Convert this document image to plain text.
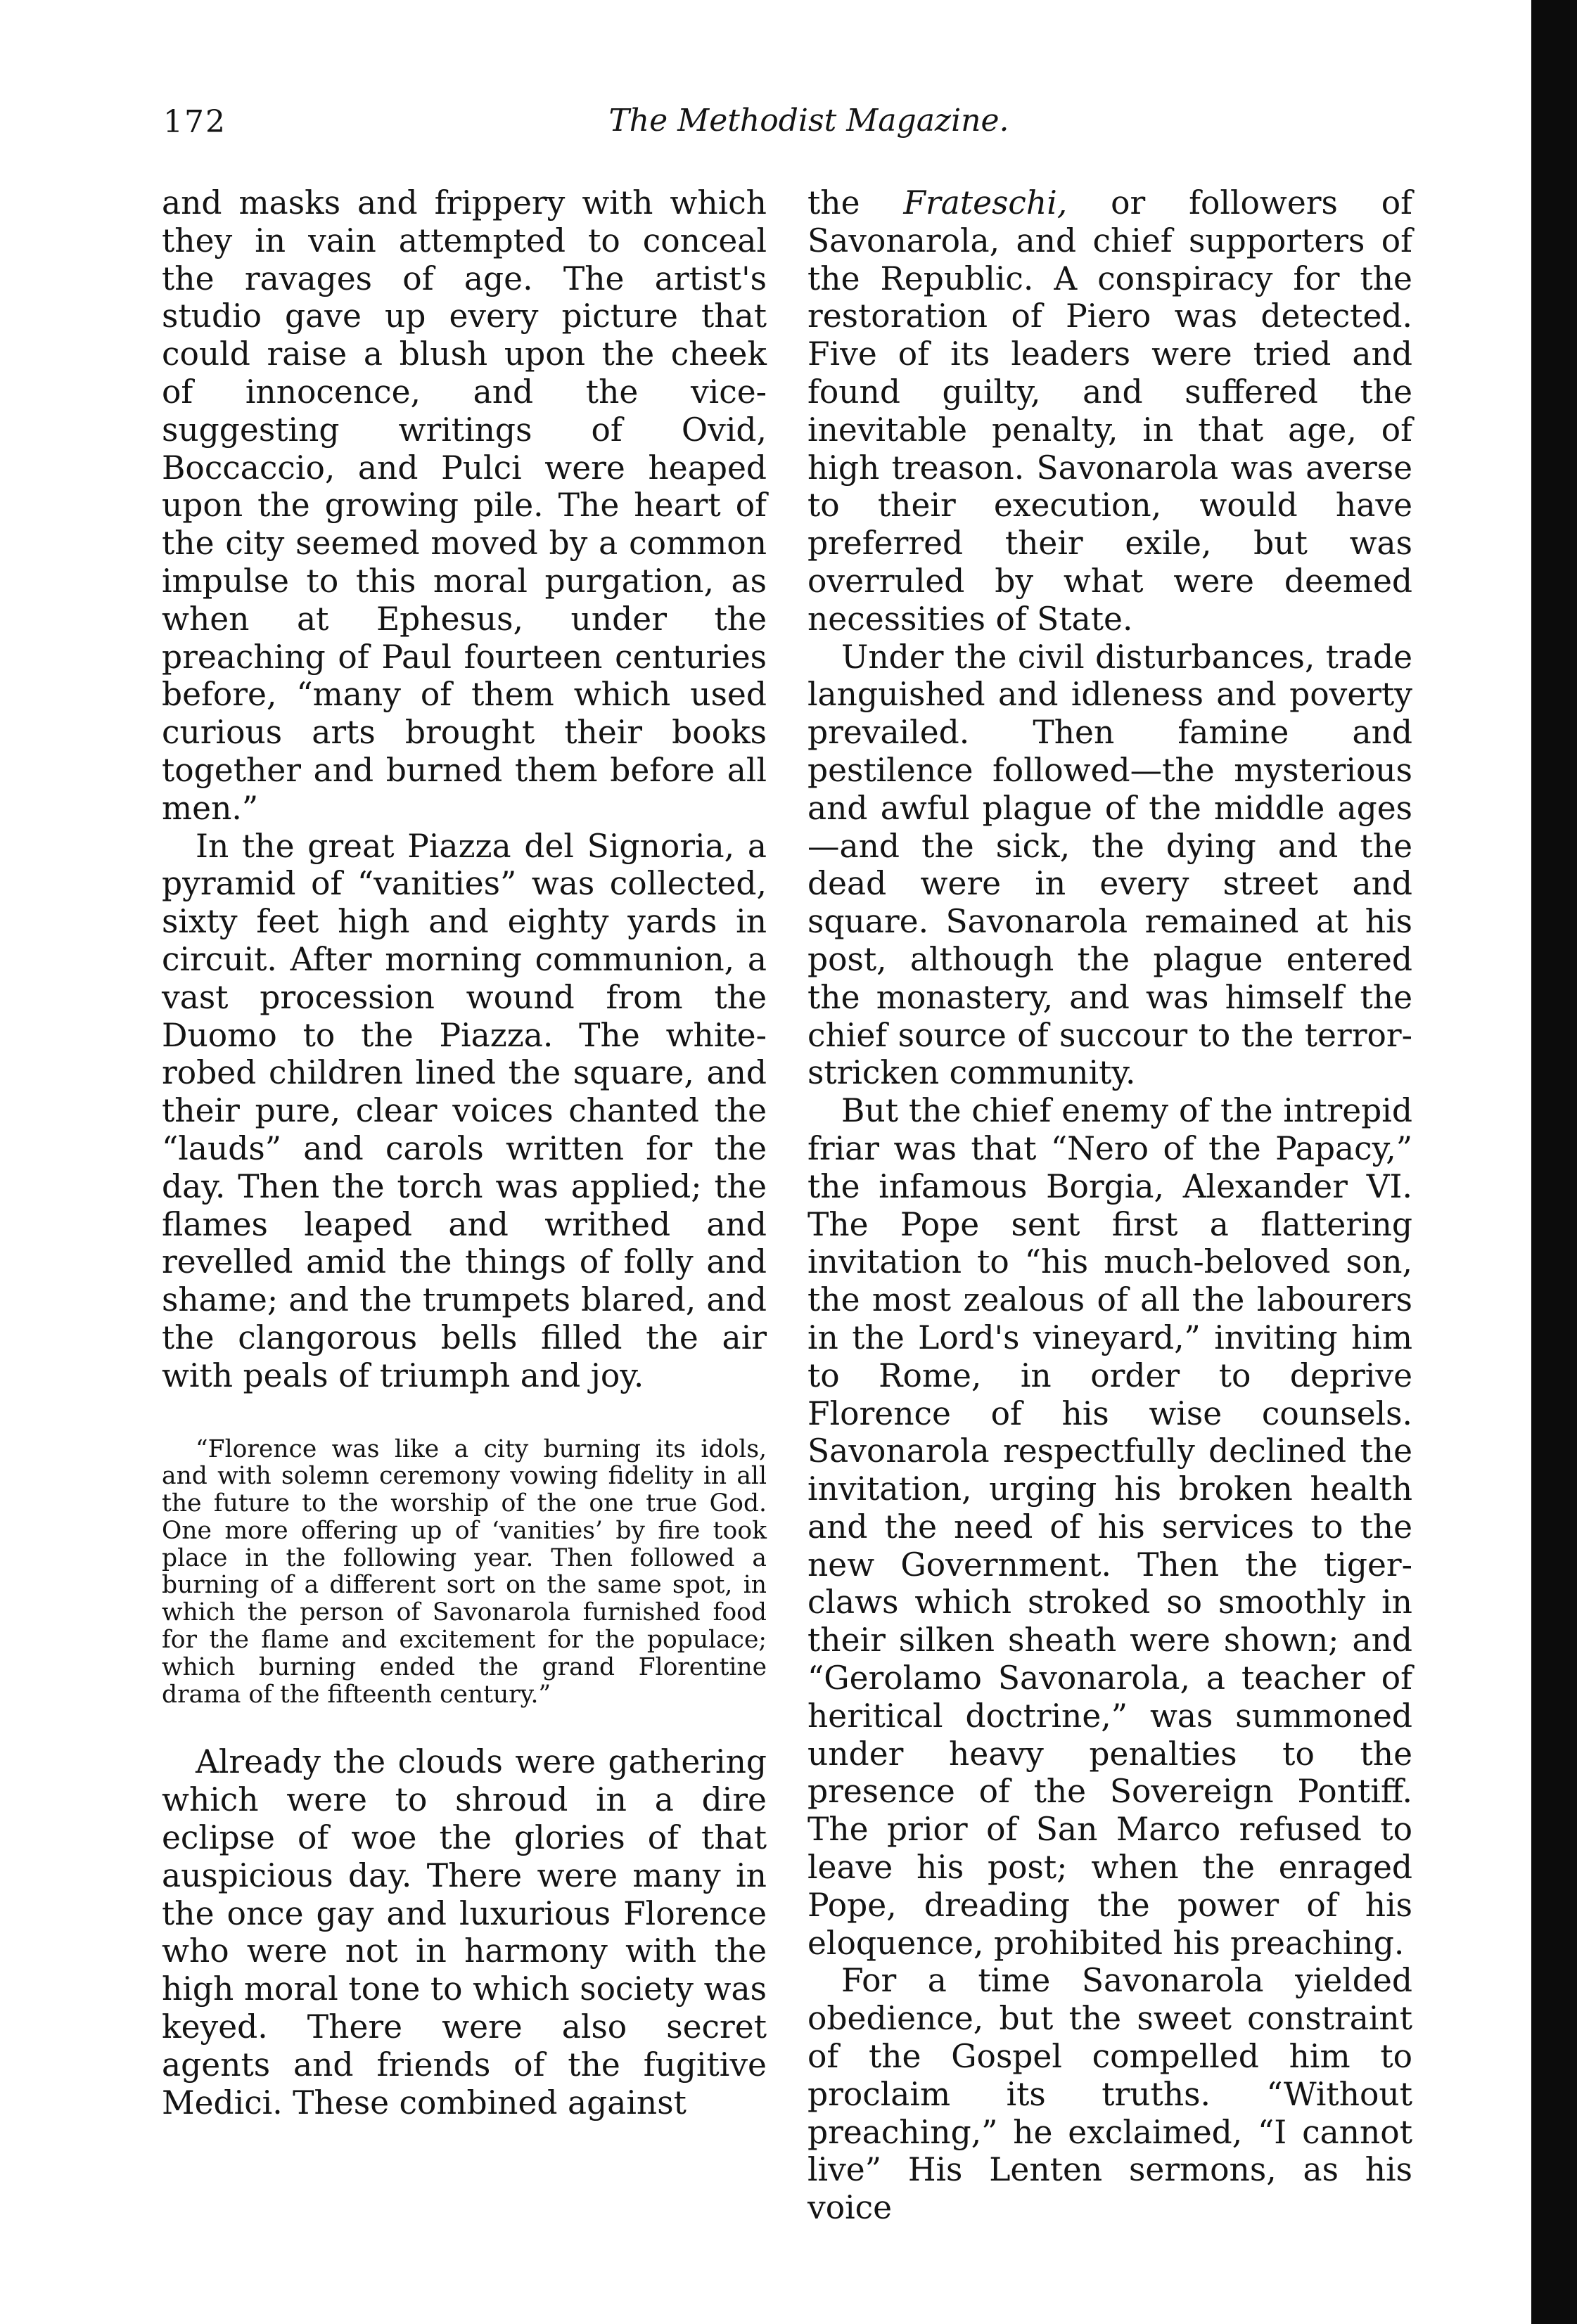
172	The Methodist Magazine.

and masks and frippery with which they in vain attempted to conceal the ravages of age. The artist's studio gave up every picture that could raise a blush upon the cheek of innocence, and the vice-suggesting writings of Ovid, Boccaccio, and Pulci were heaped upon the growing pile. The heart of the city seemed moved by a common impulse to this moral purgation, as when at Ephesus, under the preaching of Paul fourteen centuries before, “many of them which used curious arts brought their books together and burned them before all men.”

In the great Piazza del Signoria, a pyramid of “vanities” was collected, sixty feet high and eighty yards in circuit. After morning communion, a vast procession wound from the Duomo to the Piazza. The white-robed children lined the square, and their pure, clear voices chanted the “lauds” and carols written for the day. Then the torch was applied; the flames leaped and writhed and revelled amid the things of folly and shame; and the trumpets blared, and the clangorous bells filled the air with peals of triumph and joy.

“Florence was like a city burning its idols, and with solemn ceremony vowing fidelity in all the future to the worship of the one true God. One more offering up of ‘vanities’ by fire took place in the following year. Then followed a burning of a different sort on the same spot, in which the person of Savonarola furnished food for the flame and excitement for the populace; which burning ended the grand Florentine drama of the fifteenth century.”

Already the clouds were gathering which were to shroud in a dire eclipse of woe the glories of that auspicious day. There were many in the once gay and luxurious Florence who were not in harmony with the high moral tone to which society was keyed. There were also secret agents and friends of the fugitive Medici. These combined against

the Frateschi, or followers of Savonarola, and chief supporters of the Republic. A conspiracy for the restoration of Piero was detected. Five of its leaders were tried and found guilty, and suffered the inevitable penalty, in that age, of high treason. Savonarola was averse to their execution, would have preferred their exile, but was overruled by what were deemed necessities of State.

Under the civil disturbances, trade languished and idleness and poverty prevailed. Then famine and pestilence followed—the mysterious and awful plague of the middle ages—and the sick, the dying and the dead were in every street and square. Savonarola remained at his post, although the plague entered the monastery, and was himself the chief source of succour to the terror-stricken community.

But the chief enemy of the intrepid friar was that “Nero of the Papacy,” the infamous Borgia, Alexander VI. The Pope sent first a flattering invitation to “his much-beloved son, the most zealous of all the labourers in the Lord's vineyard,” inviting him to Rome, in order to deprive Florence of his wise counsels. Savonarola respectfully declined the invitation, urging his broken health and the need of his services to the new Government. Then the tiger-claws which stroked so smoothly in their silken sheath were shown; and “Gerolamo Savonarola, a teacher of heritical doctrine,” was summoned under heavy penalties to the presence of the Sovereign Pontiff. The prior of San Marco refused to leave his post; when the enraged Pope, dreading the power of his eloquence, prohibited his preaching.

For a time Savonarola yielded obedience, but the sweet constraint of the Gospel compelled him to proclaim its truths. “Without preaching,” he exclaimed, “I cannot live” His Lenten sermons, as his voice
